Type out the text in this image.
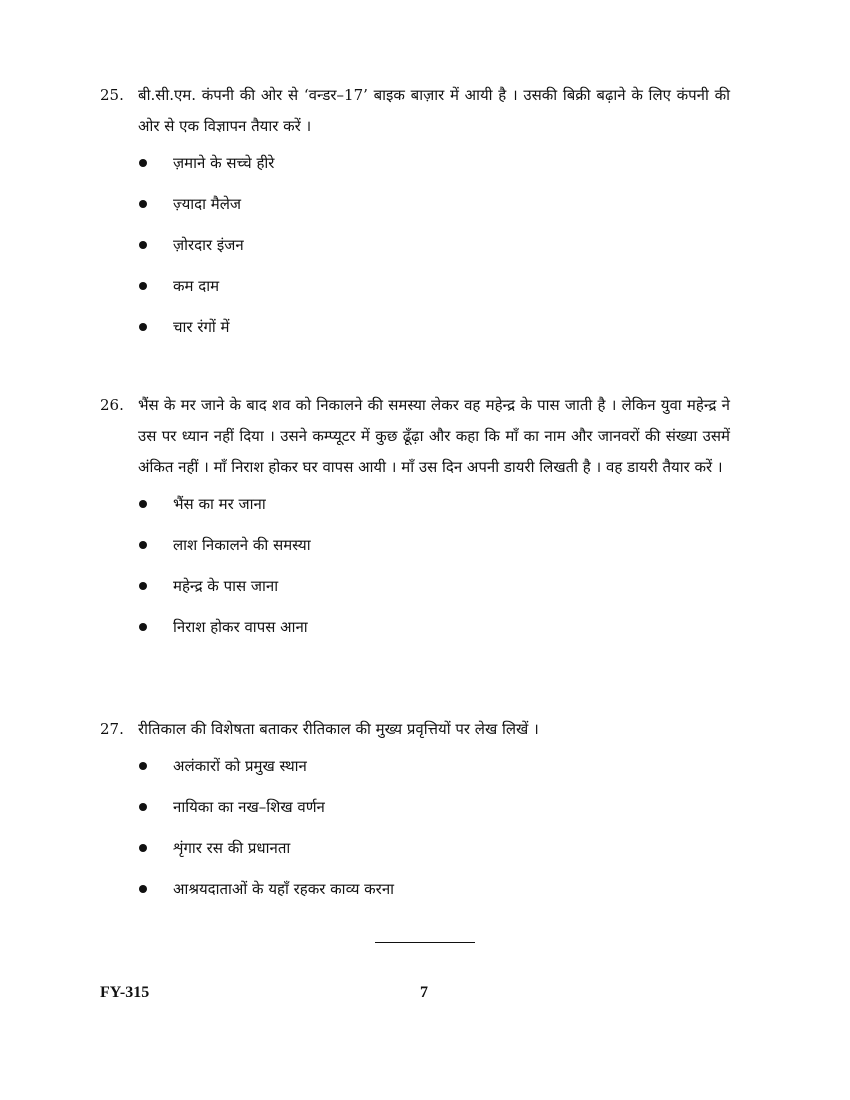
25. बी.सी.एम. कंपनी की ओर से ‘वन्डर–17’ बाइक बाज़ार में आयी है । उसकी बिक्री बढ़ाने के लिए कंपनी की ओर से एक विज्ञापन तैयार करें ।
ज़माने के सच्चे हीरे
ज़्यादा मैलेज
ज़ोरदार इंजन
कम दाम
चार रंगों में
26. भैंस के मर जाने के बाद शव को निकालने की समस्या लेकर वह महेन्द्र के पास जाती है । लेकिन युवा महेन्द्र ने उस पर ध्यान नहीं दिया । उसने कम्प्यूटर में कुछ ढूँढ़ा और कहा कि माँ का नाम और जानवरों की संख्या उसमें अंकित नहीं । माँ निराश होकर घर वापस आयी । माँ उस दिन अपनी डायरी लिखती है । वह डायरी तैयार करें ।
भैंस का मर जाना
लाश निकालने की समस्या
महेन्द्र के पास जाना
निराश होकर वापस आना
27. रीतिकाल की विशेषता बताकर रीतिकाल की मुख्य प्रवृत्तियों पर लेख लिखें ।
अलंकारों को प्रमुख स्थान
नायिका का नख–शिख वर्णन
शृंगार रस की प्रधानता
आश्रयदाताओं के यहाँ रहकर काव्य करना
FY-315	7
